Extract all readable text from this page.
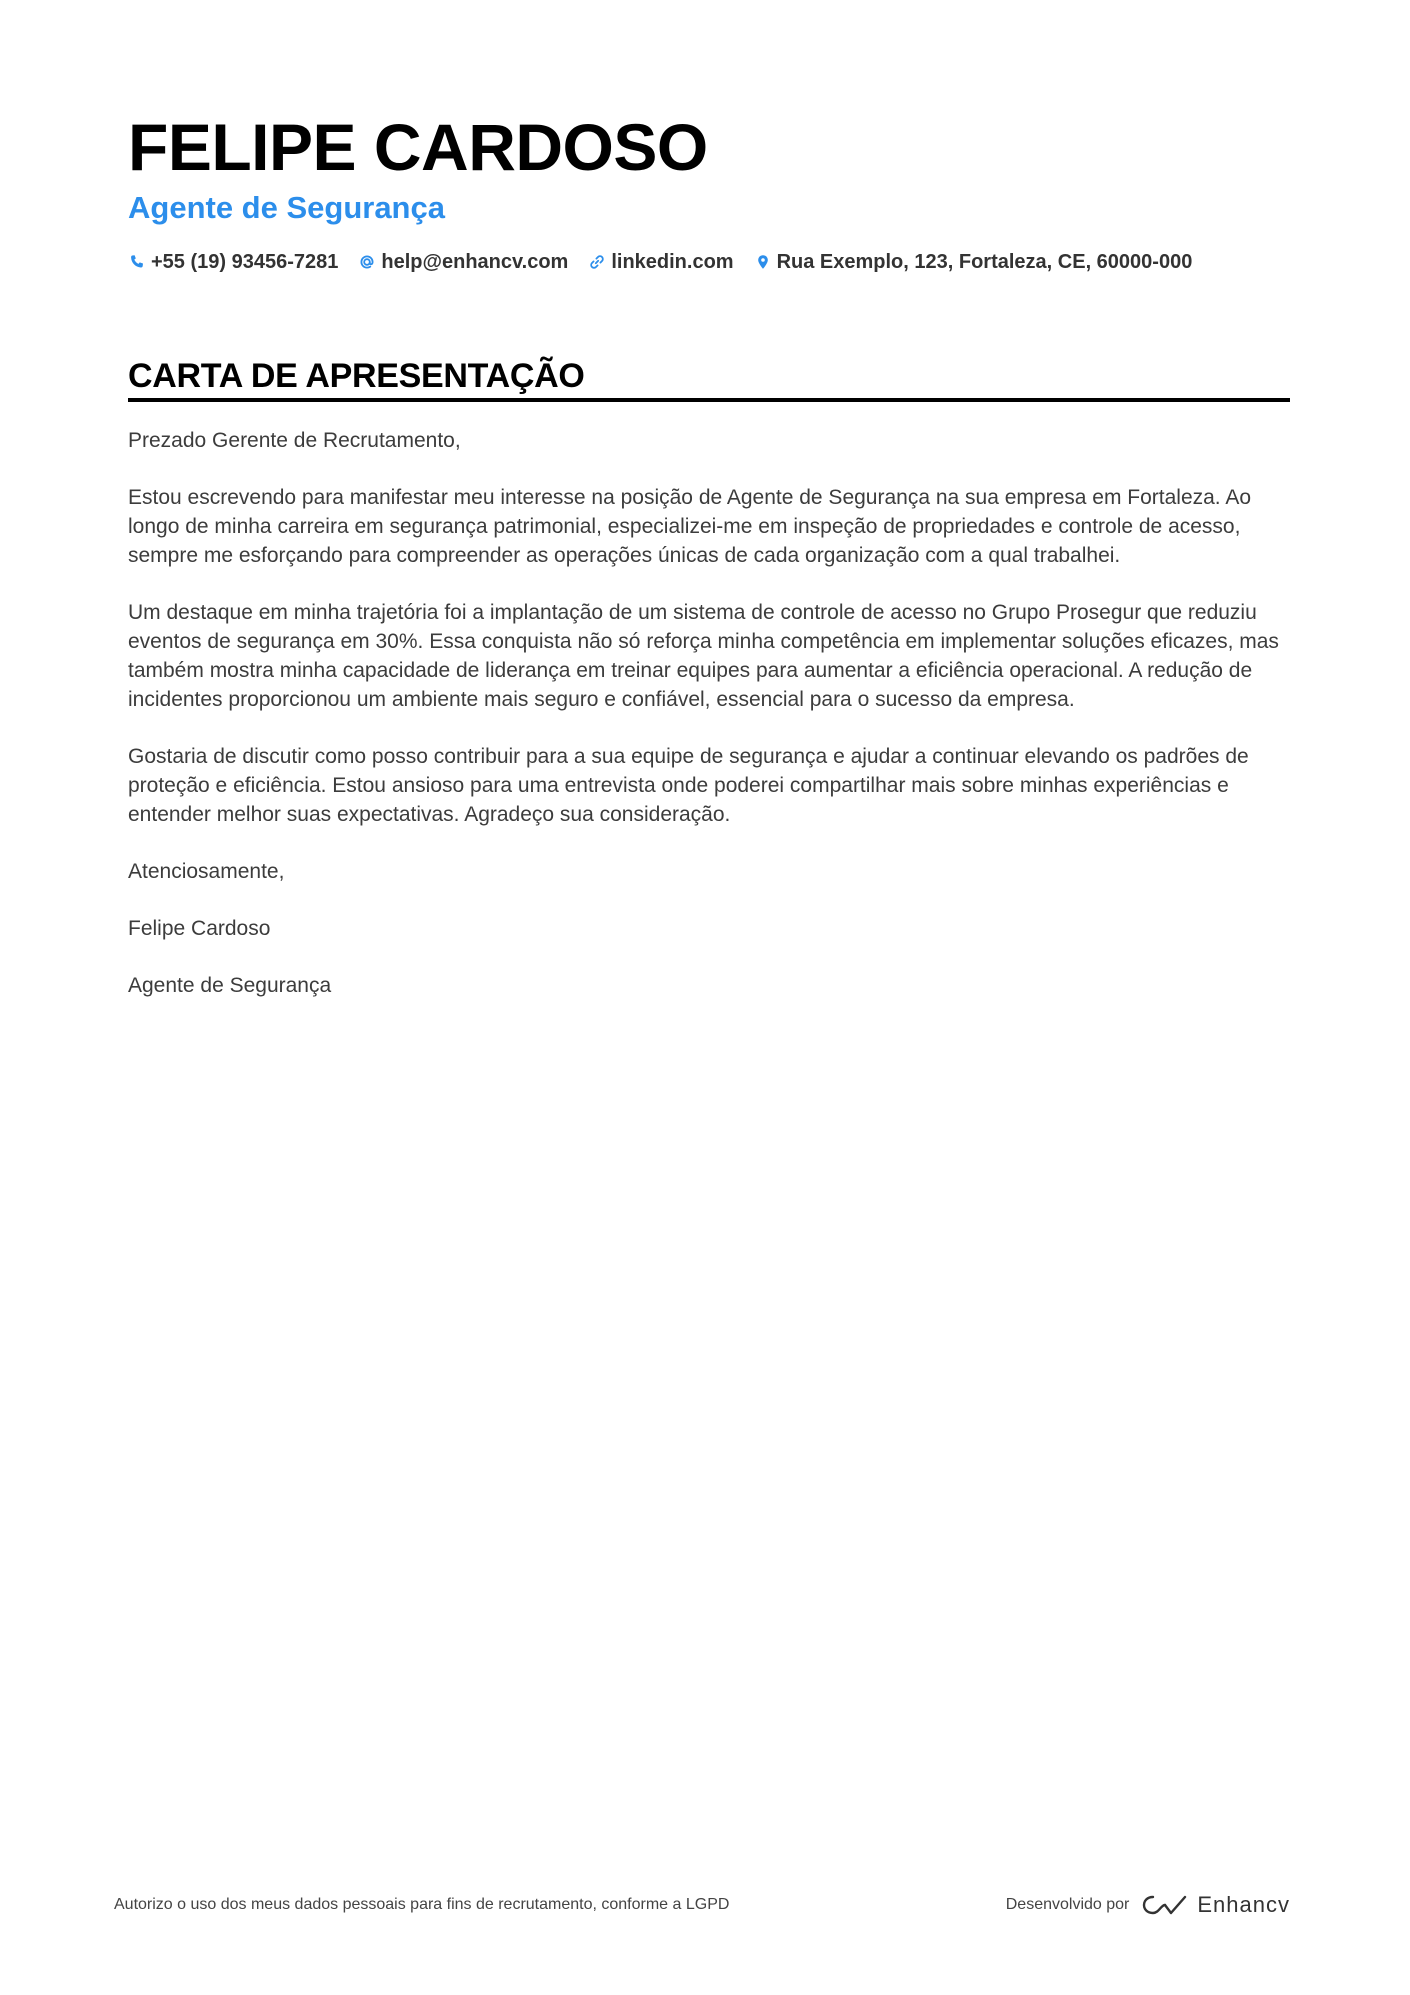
FELIPE CARDOSO
Agente de Segurança
+55 (19) 93456-7281 help@enhancv.com linkedin.com Rua Exemplo, 123, Fortaleza, CE, 60000-000
CARTA DE APRESENTAÇÃO

Prezado Gerente de Recrutamento,

Estou escrevendo para manifestar meu interesse na posição de Agente de Segurança na sua empresa em Fortaleza. Ao longo de minha carreira em segurança patrimonial, especializei-me em inspeção de propriedades e controle de acesso, sempre me esforçando para compreender as operações únicas de cada organização com a qual trabalhei.

Um destaque em minha trajetória foi a implantação de um sistema de controle de acesso no Grupo Prosegur que reduziu eventos de segurança em 30%. Essa conquista não só reforça minha competência em implementar soluções eficazes, mas também mostra minha capacidade de liderança em treinar equipes para aumentar a eficiência operacional. A redução de incidentes proporcionou um ambiente mais seguro e confiável, essencial para o sucesso da empresa.

Gostaria de discutir como posso contribuir para a sua equipe de segurança e ajudar a continuar elevando os padrões de proteção e eficiência. Estou ansioso para uma entrevista onde poderei compartilhar mais sobre minhas experiências e entender melhor suas expectativas. Agradeço sua consideração.

Atenciosamente,

Felipe Cardoso

Agente de Segurança

Autorizo o uso dos meus dados pessoais para fins de recrutamento, conforme a LGPD	Desenvolvido por	Enhancv
